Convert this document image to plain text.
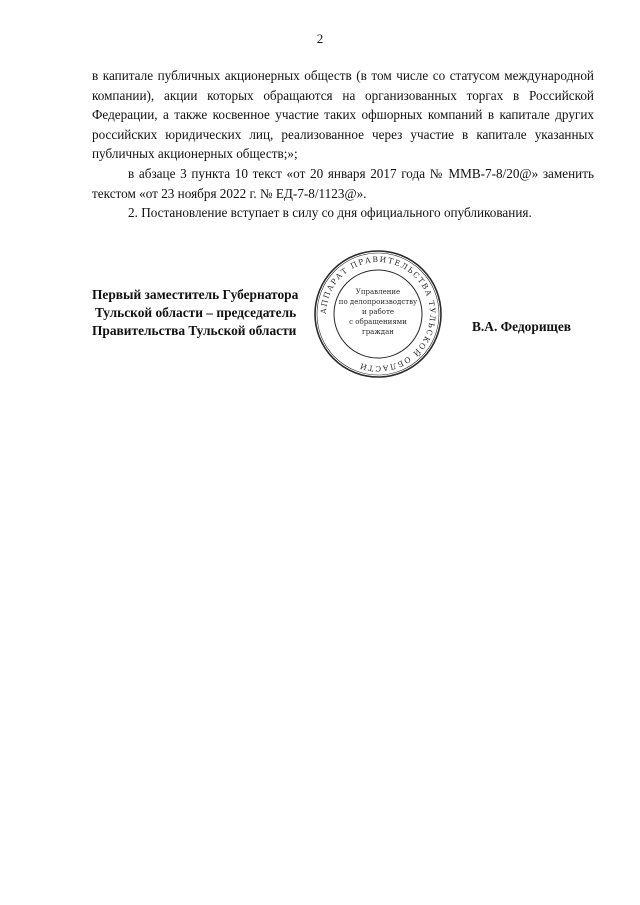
2

в капитале публичных акционерных обществ (в том числе со статусом международной компании), акции которых обращаются на организованных торгах в Российской Федерации, а также косвенное участие таких офшорных компаний в капитале других российских юридических лиц, реализованное через участие в капитале указанных публичных акционерных обществ;»;

в абзаце 3 пункта 10 текст «от 20 января 2017 года № ММВ-7-8/20@» заменить текстом «от 23 ноября 2022 г. № ЕД-7-8/1123@».

2. Постановление вступает в силу со дня официального опубликования.

Первый заместитель Губернатора
Тульской области – председатель
Правительства Тульской области	В.А. Федорищев
АППАРАТ ПРАВИТЕЛЬСТВА ТУЛЬСКОЙ ОБЛАСТИ
Управление
по делопроизводству
и работе
с обращениями
граждан
